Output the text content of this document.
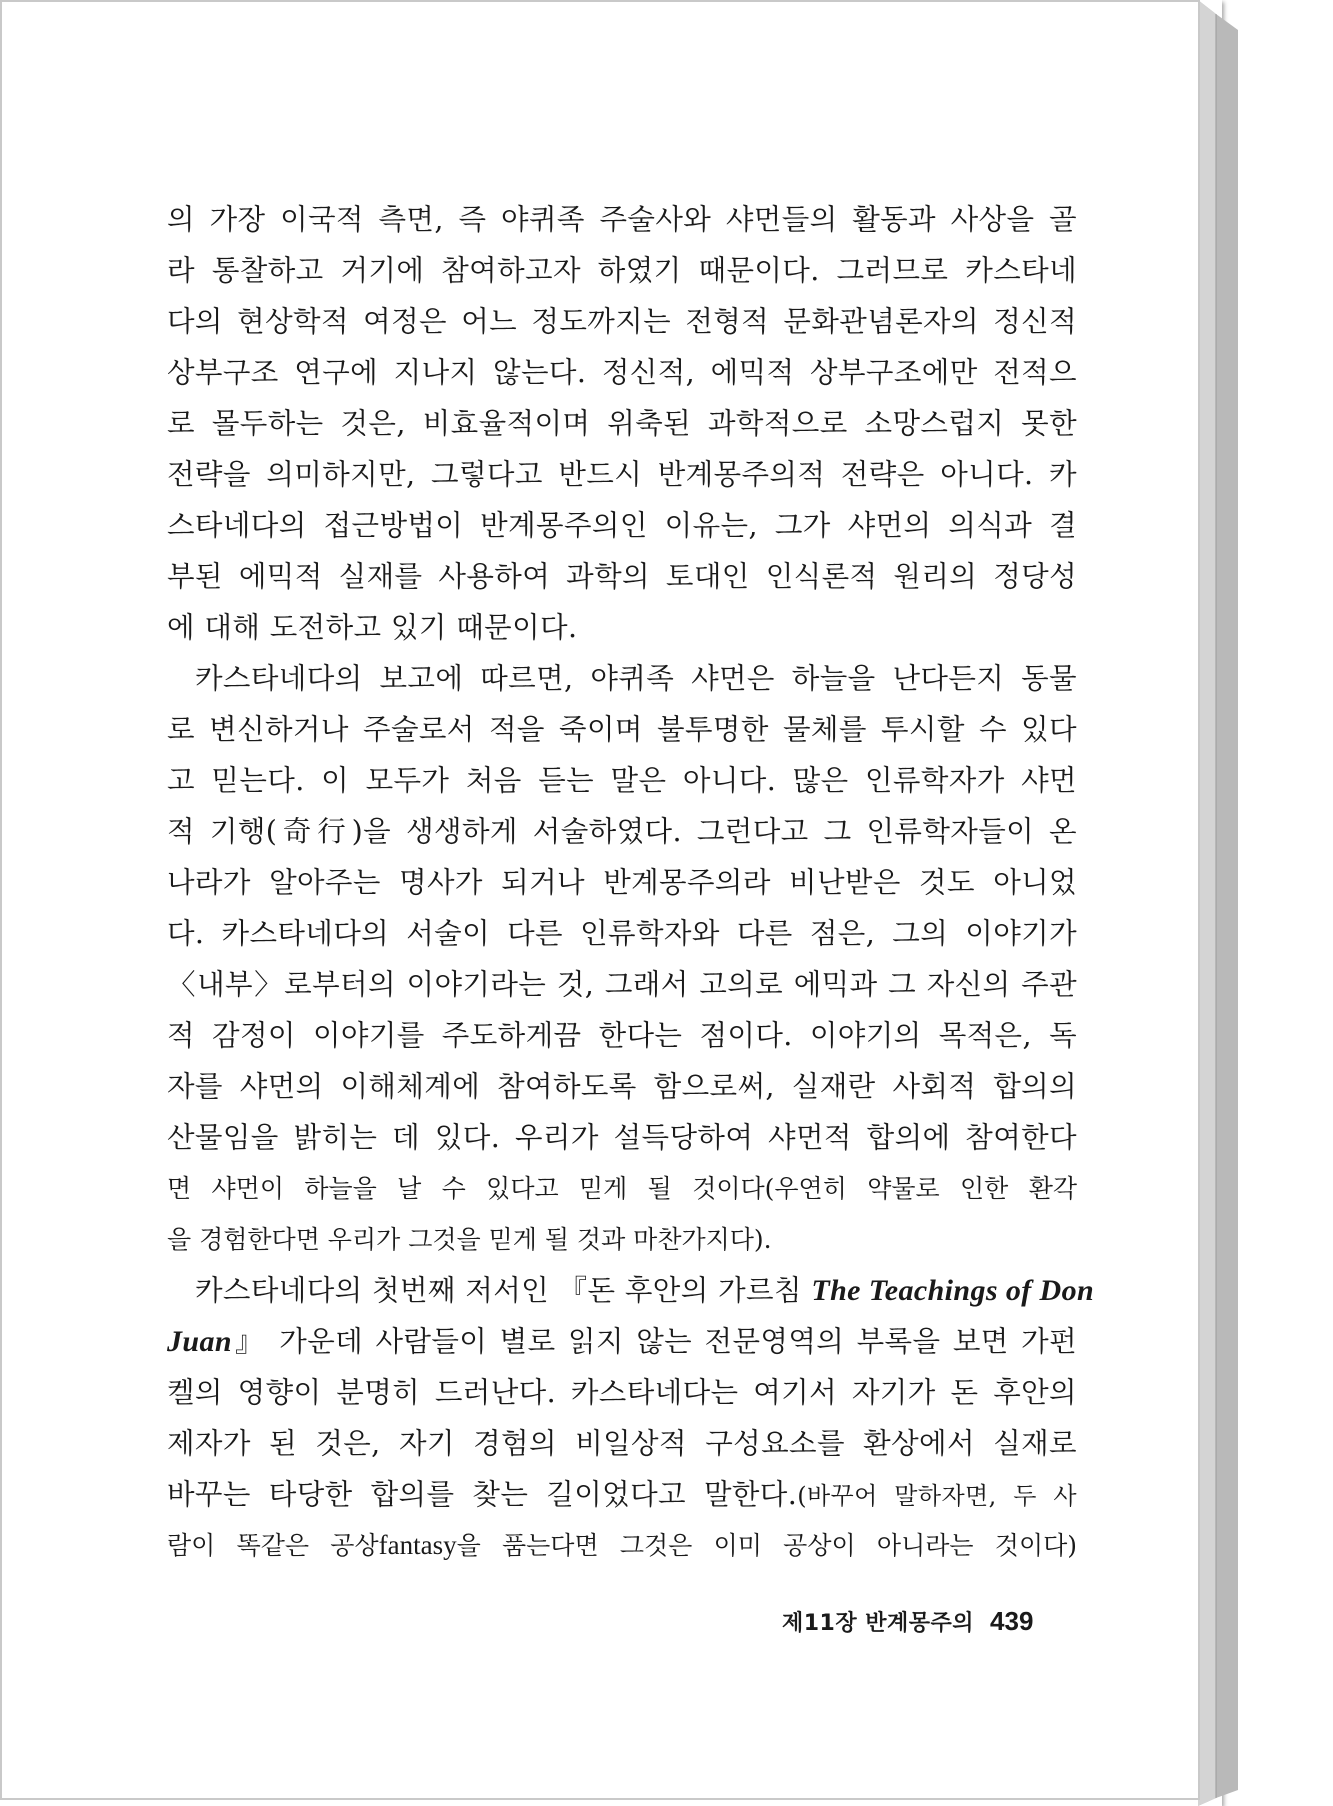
의 가장 이국적 측면, 즉 야퀴족 주술사와 샤먼들의 활동과 사상을 골
라 통찰하고 거기에 참여하고자 하였기 때문이다. 그러므로 카스타네
다의 현상학적 여정은 어느 정도까지는 전형적 문화관념론자의 정신적
상부구조 연구에 지나지 않는다. 정신적, 에믹적 상부구조에만 전적으
로 몰두하는 것은, 비효율적이며 위축된 과학적으로 소망스럽지 못한
전략을 의미하지만, 그렇다고 반드시 반계몽주의적 전략은 아니다. 카
스타네다의 접근방법이 반계몽주의인 이유는, 그가 샤먼의 의식과 결
부된 에믹적 실재를 사용하여 과학의 토대인 인식론적 원리의 정당성
에 대해 도전하고 있기 때문이다.
카스타네다의 보고에 따르면, 야퀴족 샤먼은 하늘을 난다든지 동물
로 변신하거나 주술로서 적을 죽이며 불투명한 물체를 투시할 수 있다
고 믿는다. 이 모두가 처음 듣는 말은 아니다. 많은 인류학자가 샤먼
적 기행(奇行)을 생생하게 서술하였다. 그런다고 그 인류학자들이 온
나라가 알아주는 명사가 되거나 반계몽주의라 비난받은 것도 아니었
다. 카스타네다의 서술이 다른 인류학자와 다른 점은, 그의 이야기가
〈내부〉로부터의 이야기라는 것, 그래서 고의로 에믹과 그 자신의 주관
적 감정이 이야기를 주도하게끔 한다는 점이다. 이야기의 목적은, 독
자를 샤먼의 이해체계에 참여하도록 함으로써, 실재란 사회적 합의의
산물임을 밝히는 데 있다. 우리가 설득당하여 샤먼적 합의에 참여한다
면 샤먼이 하늘을 날 수 있다고 믿게 될 것이다(우연히 약물로 인한 환각
을 경험한다면 우리가 그것을 믿게 될 것과 마찬가지다).
카스타네다의 첫번째 저서인 『돈 후안의 가르침 The Teachings of Don
Juan』 가운데 사람들이 별로 읽지 않는 전문영역의 부록을 보면 가펀
켈의 영향이 분명히 드러난다. 카스타네다는 여기서 자기가 돈 후안의
제자가 된 것은, 자기 경험의 비일상적 구성요소를 환상에서 실재로
바꾸는 타당한 합의를 찾는 길이었다고 말한다.(바꾸어 말하자면, 두 사
람이 똑같은 공상fantasy을 품는다면 그것은 이미 공상이 아니라는 것이다)
제11장 반계몽주의 439
